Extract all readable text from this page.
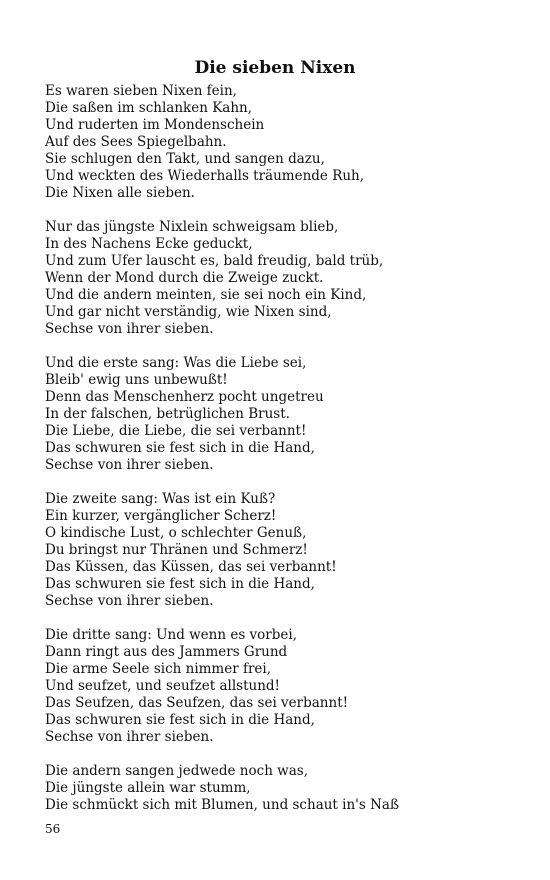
Die sieben Nixen
Es waren sieben Nixen fein,
Die saßen im schlanken Kahn,
Und ruderten im Mondenschein
Auf des Sees Spiegelbahn.
Sie schlugen den Takt, und sangen dazu,
Und weckten des Wiederhalls träumende Ruh,
Die Nixen alle sieben.
Nur das jüngste Nixlein schweigsam blieb,
In des Nachens Ecke geduckt,
Und zum Ufer lauscht es, bald freudig, bald trüb,
Wenn der Mond durch die Zweige zuckt.
Und die andern meinten, sie sei noch ein Kind,
Und gar nicht verständig, wie Nixen sind,
Sechse von ihrer sieben.
Und die erste sang: Was die Liebe sei,
Bleib' ewig uns unbewußt!
Denn das Menschenherz pocht ungetreu
In der falschen, betrüglichen Brust.
Die Liebe, die Liebe, die sei verbannt!
Das schwuren sie fest sich in die Hand,
Sechse von ihrer sieben.
Die zweite sang: Was ist ein Kuß?
Ein kurzer, vergänglicher Scherz!
O kindische Lust, o schlechter Genuß,
Du bringst nur Thränen und Schmerz!
Das Küssen, das Küssen, das sei verbannt!
Das schwuren sie fest sich in die Hand,
Sechse von ihrer sieben.
Die dritte sang: Und wenn es vorbei,
Dann ringt aus des Jammers Grund
Die arme Seele sich nimmer frei,
Und seufzet, und seufzet allstund!
Das Seufzen, das Seufzen, das sei verbannt!
Das schwuren sie fest sich in die Hand,
Sechse von ihrer sieben.
Die andern sangen jedwede noch was,
Die jüngste allein war stumm,
Die schmückt sich mit Blumen, und schaut in's Naß
56
